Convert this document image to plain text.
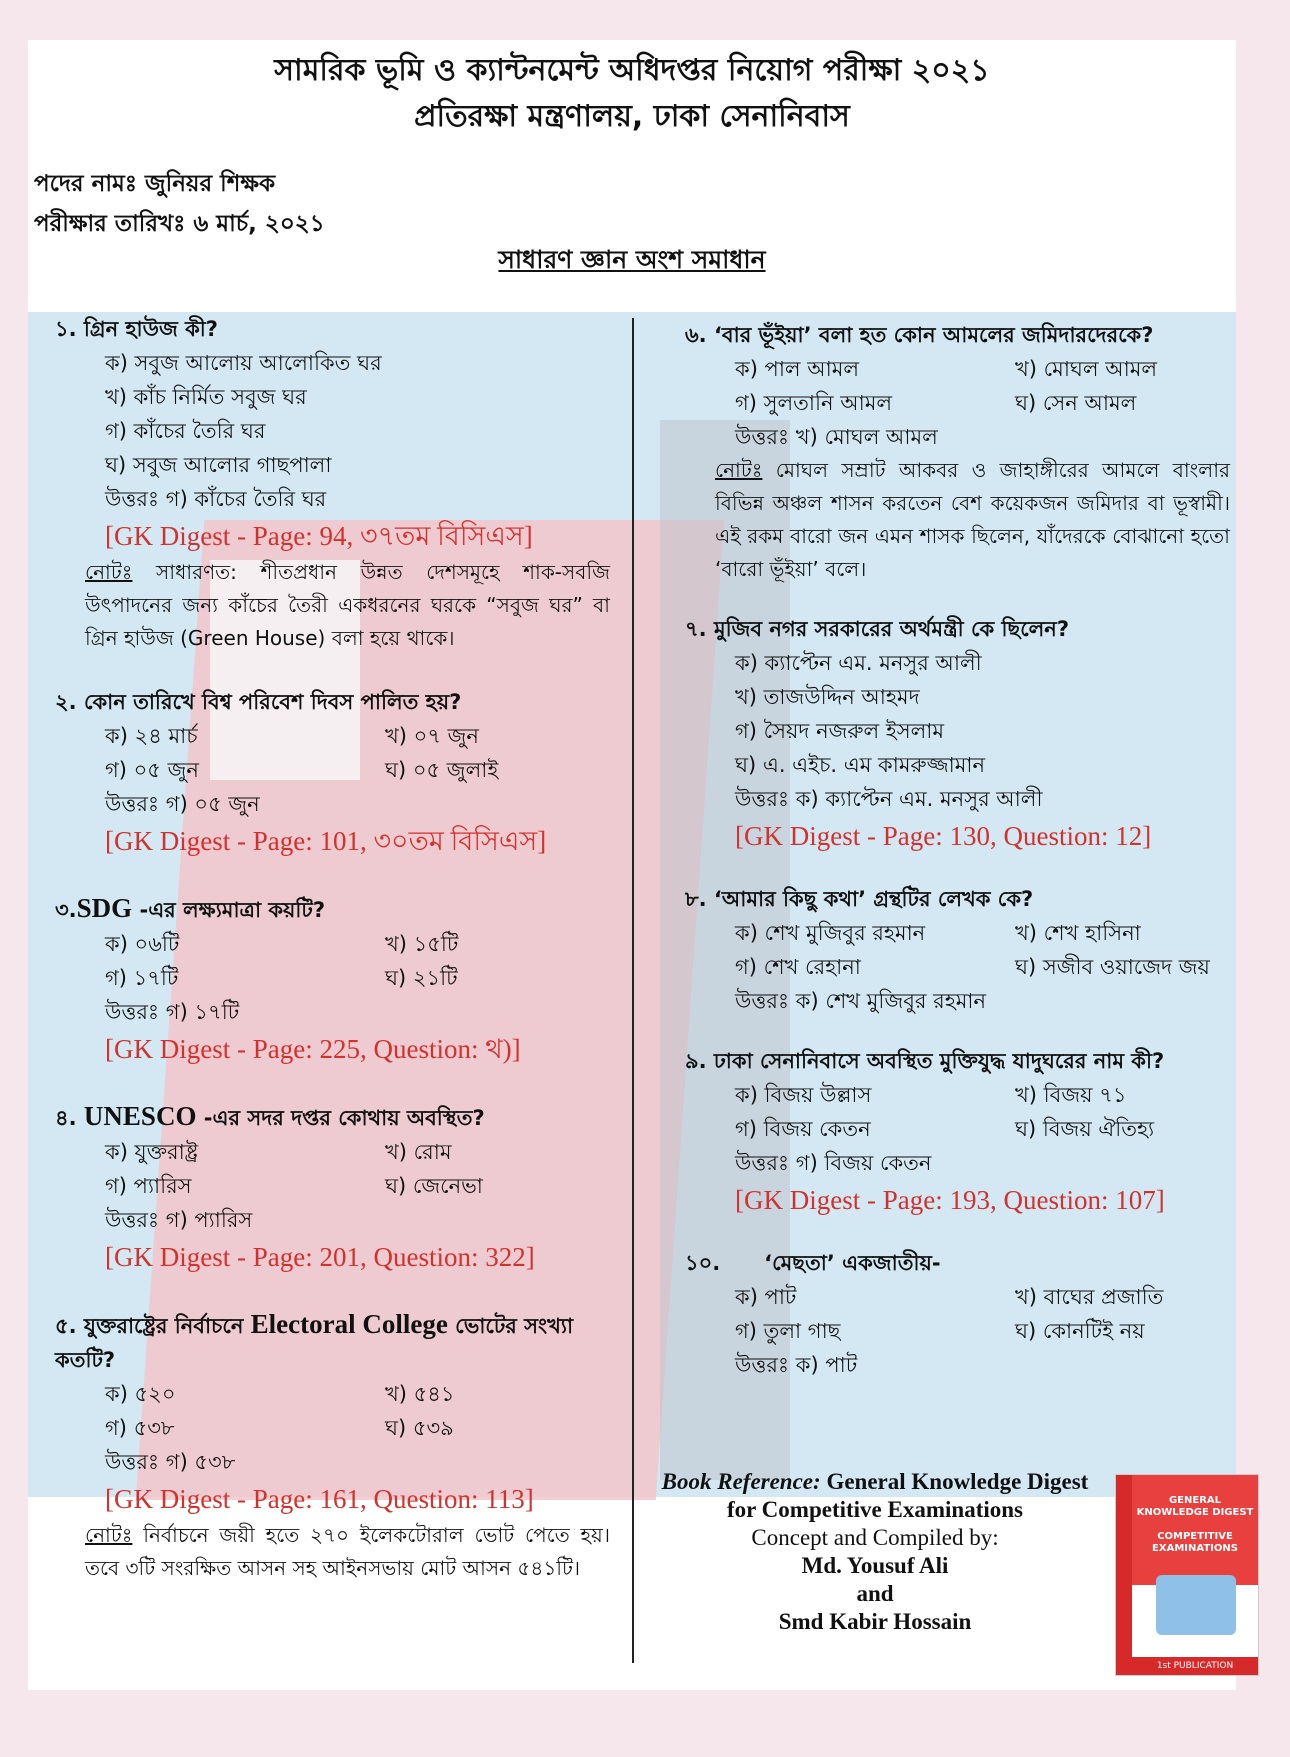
সামরিক ভূমি ও ক্যান্টনমেন্ট অধিদপ্তর নিয়োগ পরীক্ষা ২০২১
প্রতিরক্ষা মন্ত্রণালয়, ঢাকা সেনানিবাস
পদের নামঃ জুনিয়র শিক্ষক
পরীক্ষার তারিখঃ ৬ মার্চ, ২০২১
সাধারণ জ্ঞান অংশ সমাধান
১. গ্রিন হাউজ কী?
ক) সবুজ আলোয় আলোকিত ঘর
খ) কাঁচ নির্মিত সবুজ ঘর
গ) কাঁচের তৈরি ঘর
ঘ) সবুজ আলোর গাছপালা
উত্তরঃ গ) কাঁচের তৈরি ঘর
[GK Digest - Page: 94, ৩৭তম বিসিএস]
নোটঃ সাধারণত: শীতপ্রধান উন্নত দেশসমূহে শাক-সবজি উৎপাদনের জন্য কাঁচের তৈরী একধরনের ঘরকে “সবুজ ঘর” বা গ্রিন হাউজ (Green House) বলা হয়ে থাকে।
২. কোন তারিখে বিশ্ব পরিবেশ দিবস পালিত হয়?
ক) ২৪ মার্চ	খ) ০৭ জুন
গ) ০৫ জুন	ঘ) ০৫ জুলাই
উত্তরঃ গ) ০৫ জুন
[GK Digest - Page: 101, ৩০তম বিসিএস]
৩.SDG -এর লক্ষ্যমাত্রা কয়টি?
ক) ০৬টি	খ) ১৫টি
গ) ১৭টি	ঘ) ২১টি
উত্তরঃ গ) ১৭টি
[GK Digest - Page: 225, Question: থ)]
৪. UNESCO -এর সদর দপ্তর কোথায় অবস্থিত?
ক) যুক্তরাষ্ট্র	খ) রোম
গ) প্যারিস	ঘ) জেনেভা
উত্তরঃ গ) প্যারিস
[GK Digest - Page: 201, Question: 322]
৫. যুক্তরাষ্ট্রের নির্বাচনে Electoral College ভোটের সংখ্যা কতটি?
ক) ৫২০	খ) ৫৪১
গ) ৫৩৮	ঘ) ৫৩৯
উত্তরঃ গ) ৫৩৮
[GK Digest - Page: 161, Question: 113]
নোটঃ নির্বাচনে জয়ী হতে ২৭০ ইলেকটোরাল ভোট পেতে হয়। তবে ৩টি সংরক্ষিত আসন সহ আইনসভায় মোট আসন ৫৪১টি।
৬. ‘বার ভূঁইয়া’ বলা হত কোন আমলের জমিদারদেরকে?
ক) পাল আমল	খ) মোঘল আমল
গ) সুলতানি আমল	ঘ) সেন আমল
উত্তরঃ খ) মোঘল আমল
নোটঃ মোঘল সম্রাট আকবর ও জাহাঙ্গীরের আমলে বাংলার বিভিন্ন অঞ্চল শাসন করতেন বেশ কয়েকজন জমিদার বা ভূস্বামী। এই রকম বারো জন এমন শাসক ছিলেন, যাঁদেরকে বোঝানো হতো ‘বারো ভূঁইয়া’ বলে।
৭. মুজিব নগর সরকারের অর্থমন্ত্রী কে ছিলেন?
ক) ক্যাপ্টেন এম. মনসুর আলী
খ) তাজউদ্দিন আহমদ
গ) সৈয়দ নজরুল ইসলাম
ঘ) এ. এইচ. এম কামরুজ্জামান
উত্তরঃ ক) ক্যাপ্টেন এম. মনসুর আলী
[GK Digest - Page: 130, Question: 12]
৮. ‘আমার কিছু কথা’ গ্রন্থটির লেখক কে?
ক) শেখ মুজিবুর রহমান	খ) শেখ হাসিনা
গ) শেখ রেহানা	ঘ) সজীব ওয়াজেদ জয়
উত্তরঃ ক) শেখ মুজিবুর রহমান
৯. ঢাকা সেনানিবাসে অবস্থিত মুক্তিযুদ্ধ যাদুঘরের নাম কী?
ক) বিজয় উল্লাস	খ) বিজয় ৭১
গ) বিজয় কেতন	ঘ) বিজয় ঐতিহ্য
উত্তরঃ গ) বিজয় কেতন
[GK Digest - Page: 193, Question: 107]
১০.      ‘মেছতা’ একজাতীয়-
ক) পাট	খ) বাঘের প্রজাতি
গ) তুলা গাছ	ঘ) কোনটিই নয়
উত্তরঃ ক) পাট
Book Reference: General Knowledge Digest
for Competitive Examinations
Concept and Compiled by:
Md. Yousuf Ali
and
Smd Kabir Hossain
GENERAL KNOWLEDGE DIGEST

COMPETITIVE EXAMINATIONS
1st PUBLICATION
